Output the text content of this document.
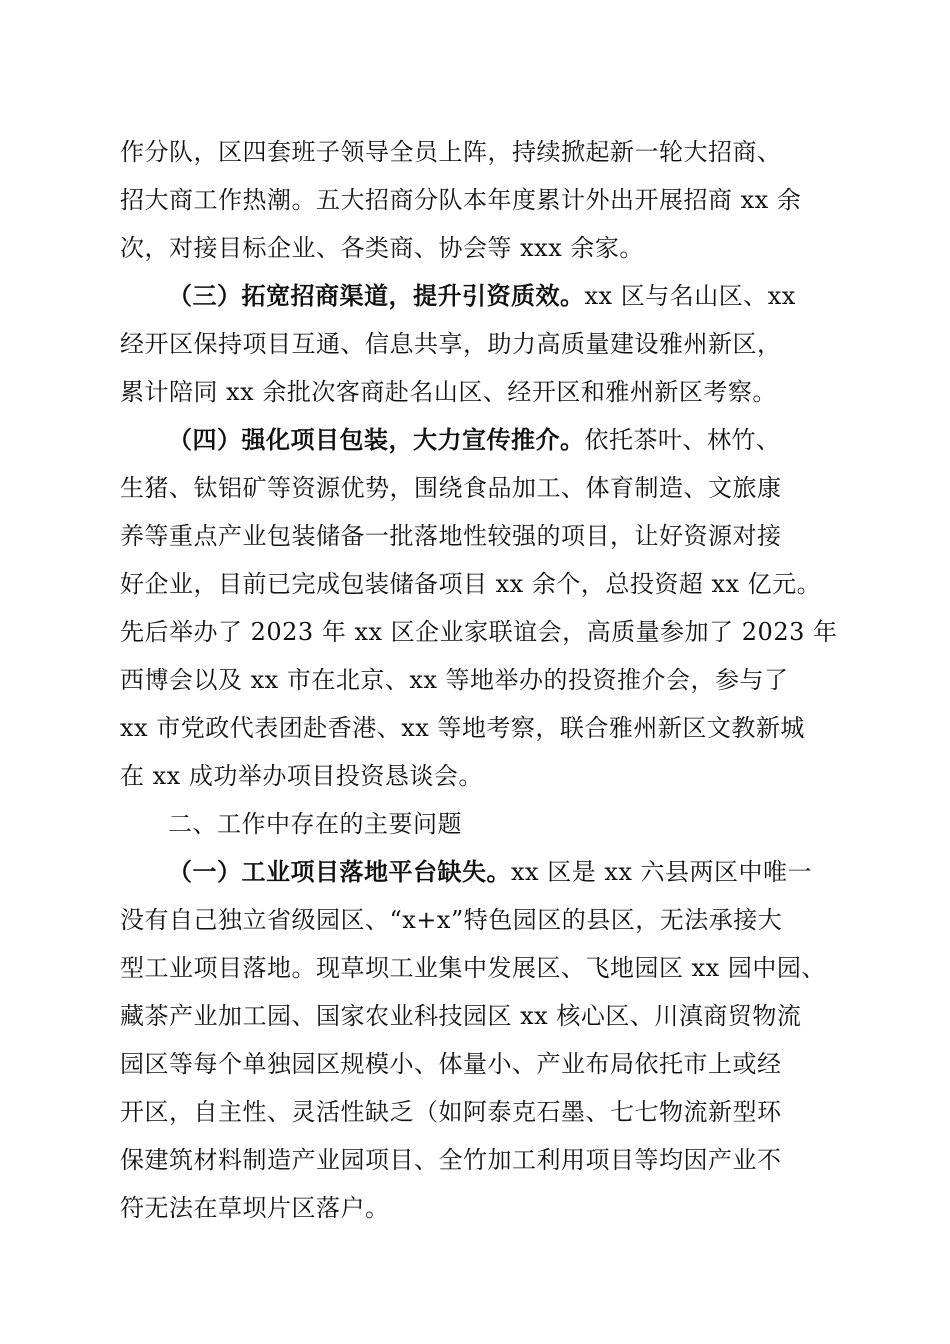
作分队，区四套班子领导全员上阵，持续掀起新一轮大招商、
招大商工作热潮。五大招商分队本年度累计外出开展招商 xx 余
次，对接目标企业、各类商、协会等 xxx 余家。
（三）拓宽招商渠道，提升引资质效。xx 区与名山区、xx
经开区保持项目互通、信息共享，助力高质量建设雅州新区，
累计陪同 xx 余批次客商赴名山区、经开区和雅州新区考察。
（四）强化项目包装，大力宣传推介。依托茶叶、林竹、
生猪、钛铝矿等资源优势，围绕食品加工、体育制造、文旅康
养等重点产业包装储备一批落地性较强的项目，让好资源对接
好企业，目前已完成包装储备项目 xx 余个，总投资超 xx 亿元。
先后举办了 2023 年 xx 区企业家联谊会，高质量参加了 2023 年
西博会以及 xx 市在北京、xx 等地举办的投资推介会，参与了
xx 市党政代表团赴香港、xx 等地考察，联合雅州新区文教新城
在 xx 成功举办项目投资恳谈会。
二、工作中存在的主要问题
（一）工业项目落地平台缺失。xx 区是 xx 六县两区中唯一
没有自己独立省级园区、“x+x”特色园区的县区，无法承接大
型工业项目落地。现草坝工业集中发展区、飞地园区 xx 园中园、
藏茶产业加工园、国家农业科技园区 xx 核心区、川滇商贸物流
园区等每个单独园区规模小、体量小、产业布局依托市上或经
开区，自主性、灵活性缺乏（如阿泰克石墨、七七物流新型环
保建筑材料制造产业园项目、全竹加工利用项目等均因产业不
符无法在草坝片区落户。
